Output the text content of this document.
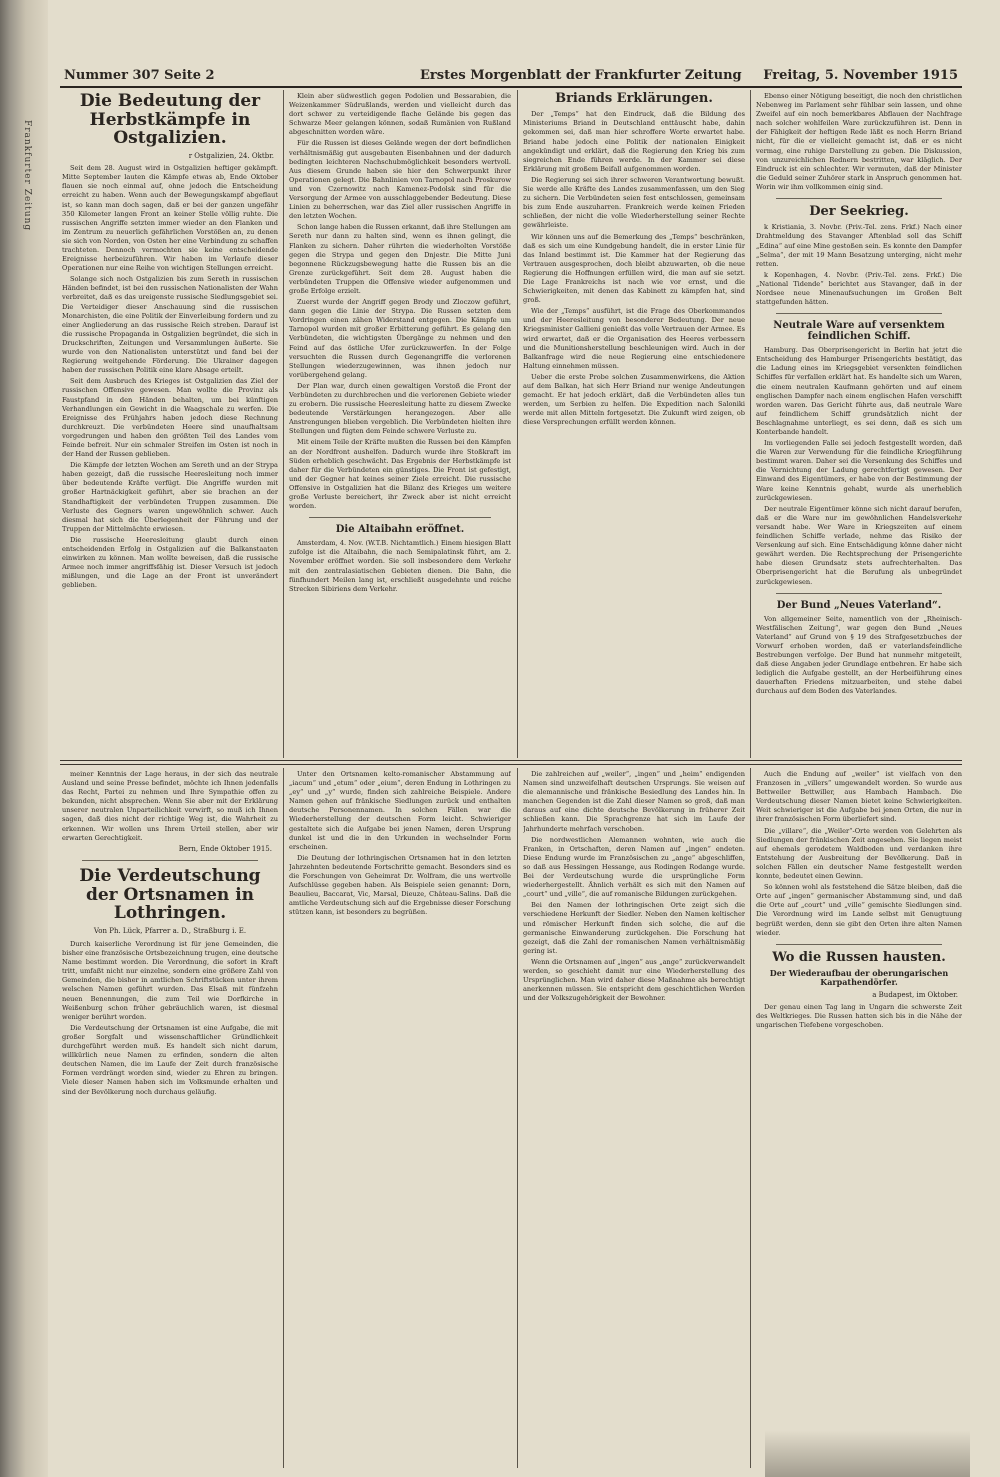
Frankfurter Zeitung
Nummer 307 Seite 2	Erstes Morgenblatt der Frankfurter Zeitung Freitag, 5. November 1915
Die Bedeutung der Herbstkämpfe in Ostgalizien.
r Ostgalizien, 24. Oktbr.

Seit dem 28. August wird in Ostgalizien heftiger gekämpft. Mitte September lauten die Kämpfe etwas ab, Ende Oktober flauen sie noch einmal auf, ohne jedoch die Entscheidung erreicht zu haben. Wenn auch der Bewegungskampf abgeflaut ist, so kann man doch sagen, daß er bei der ganzen ungefähr 350 Kilometer langen Front an keiner Stelle völlig ruhte. Die russischen Angriffe setzten immer wieder an den Flanken und im Zentrum zu neuerlich gefährlichen Vorstößen an, zu denen sie sich von Norden, von Osten her eine Verbindung zu schaffen trachteten. Dennoch vermochten sie keine entscheidende Ereignisse herbeizuführen. Wir haben im Verlaufe dieser Operationen nur eine Reihe von wichtigen Stellungen erreicht.

Solange sich noch Ostgalizien bis zum Sereth in russischen Händen befindet, ist bei den russischen Nationalisten der Wahn verbreitet, daß es das ureigenste russische Siedlungsgebiet sei. Die Verteidiger dieser Anschauung sind die russischen Monarchisten, die eine Politik der Einverleibung fordern und zu einer Angliederung an das russische Reich streben. Darauf ist die russische Propaganda in Ostgalizien begründet, die sich in Druckschriften, Zeitungen und Versammlungen äußerte. Sie wurde von den Nationalisten unterstützt und fand bei der Regierung weitgehende Förderung. Die Ukrainer dagegen haben der russischen Politik eine klare Absage erteilt.

Seit dem Ausbruch des Krieges ist Ostgalizien das Ziel der russischen Offensive gewesen. Man wollte die Provinz als Faustpfand in den Händen behalten, um bei künftigen Verhandlungen ein Gewicht in die Waagschale zu werfen. Die Ereignisse des Frühjahrs haben jedoch diese Rechnung durchkreuzt. Die verbündeten Heere sind unaufhaltsam vorgedrungen und haben den größten Teil des Landes vom Feinde befreit. Nur ein schmaler Streifen im Osten ist noch in der Hand der Russen geblieben.

Die Kämpfe der letzten Wochen am Sereth und an der Strypa haben gezeigt, daß die russische Heeresleitung noch immer über bedeutende Kräfte verfügt. Die Angriffe wurden mit großer Hartnäckigkeit geführt, aber sie brachen an der Standhaftigkeit der verbündeten Truppen zusammen. Die Verluste des Gegners waren ungewöhnlich schwer. Auch diesmal hat sich die Überlegenheit der Führung und der Truppen der Mittelmächte erwiesen.

Die russische Heeresleitung glaubt durch einen entscheidenden Erfolg in Ostgalizien auf die Balkanstaaten einwirken zu können. Man wollte beweisen, daß die russische Armee noch immer angriffsfähig ist. Dieser Versuch ist jedoch mißlungen, und die Lage an der Front ist unverändert geblieben.

Klein aber südwestlich gegen Podolien und Bessarabien, die Weizenkammer Südrußlands, werden und vielleicht durch das dort schwer zu verteidigende flache Gelände bis gegen das Schwarze Meer gelangen können, sodaß Rumänien von Rußland abgeschnitten worden wäre.

Für die Russen ist dieses Gelände wegen der dort befindlichen verhältnismäßig gut ausgebauten Eisenbahnen und der dadurch bedingten leichteren Nachschubmöglichkeit besonders wertvoll. Aus diesem Grunde haben sie hier den Schwerpunkt ihrer Operationen gelegt. Die Bahnlinien von Tarnopol nach Proskurow und von Czernowitz nach Kamenez-Podolsk sind für die Versorgung der Armee von ausschlaggebender Bedeutung. Diese Linien zu beherrschen, war das Ziel aller russischen Angriffe in den letzten Wochen.

Schon lange haben die Russen erkannt, daß ihre Stellungen am Sereth nur dann zu halten sind, wenn es ihnen gelingt, die Flanken zu sichern. Daher rührten die wiederholten Vorstöße gegen die Strypa und gegen den Dnjestr. Die Mitte Juni begonnene Rückzugsbewegung hatte die Russen bis an die Grenze zurückgeführt. Seit dem 28. August haben die verbündeten Truppen die Offensive wieder aufgenommen und große Erfolge erzielt.

Zuerst wurde der Angriff gegen Brody und Zloczow geführt, dann gegen die Linie der Strypa. Die Russen setzten dem Vordringen einen zähen Widerstand entgegen. Die Kämpfe um Tarnopol wurden mit großer Erbitterung geführt. Es gelang den Verbündeten, die wichtigsten Übergänge zu nehmen und den Feind auf das östliche Ufer zurückzuwerfen. In der Folge versuchten die Russen durch Gegenangriffe die verlorenen Stellungen wiederzugewinnen, was ihnen jedoch nur vorübergehend gelang.

Der Plan war, durch einen gewaltigen Vorstoß die Front der Verbündeten zu durchbrechen und die verlorenen Gebiete wieder zu erobern. Die russische Heeresleitung hatte zu diesem Zwecke bedeutende Verstärkungen herangezogen. Aber alle Anstrengungen blieben vergeblich. Die Verbündeten hielten ihre Stellungen und fügten dem Feinde schwere Verluste zu.

Mit einem Teile der Kräfte mußten die Russen bei den Kämpfen an der Nordfront aushelfen. Dadurch wurde ihre Stoßkraft im Süden erheblich geschwächt. Das Ergebnis der Herbstkämpfe ist daher für die Verbündeten ein günstiges. Die Front ist gefestigt, und der Gegner hat keines seiner Ziele erreicht. Die russische Offensive in Ostgalizien hat die Bilanz des Krieges um weitere große Verluste bereichert, ihr Zweck aber ist nicht erreicht worden.

Die Altaibahn eröffnet.

Amsterdam, 4. Nov. (W.T.B. Nichtamtlich.) Einem hiesigen Blatt zufolge ist die Altaibahn, die nach Semipalatinsk führt, am 2. November eröffnet worden. Sie soll insbesondere dem Verkehr mit den zentralasiatischen Gebieten dienen. Die Bahn, die fünfhundert Meilen lang ist, erschließt ausgedehnte und reiche Strecken Sibiriens dem Verkehr.

Briands Erklärungen.

Der „Temps“ hat den Eindruck, daß die Bildung des Ministeriums Briand in Deutschland enttäuscht habe, dahin gekommen sei, daß man hier schroffere Worte erwartet habe. Briand habe jedoch eine Politik der nationalen Einigkeit angekündigt und erklärt, daß die Regierung den Krieg bis zum siegreichen Ende führen werde. In der Kammer sei diese Erklärung mit großem Beifall aufgenommen worden.

Die Regierung sei sich ihrer schweren Verantwortung bewußt. Sie werde alle Kräfte des Landes zusammenfassen, um den Sieg zu sichern. Die Verbündeten seien fest entschlossen, gemeinsam bis zum Ende auszuharren. Frankreich werde keinen Frieden schließen, der nicht die volle Wiederherstellung seiner Rechte gewährleiste.

Wir können uns auf die Bemerkung des „Temps“ beschränken, daß es sich um eine Kundgebung handelt, die in erster Linie für das Inland bestimmt ist. Die Kammer hat der Regierung das Vertrauen ausgesprochen, doch bleibt abzuwarten, ob die neue Regierung die Hoffnungen erfüllen wird, die man auf sie setzt. Die Lage Frankreichs ist nach wie vor ernst, und die Schwierigkeiten, mit denen das Kabinett zu kämpfen hat, sind groß.

Wie der „Temps“ ausführt, ist die Frage des Oberkommandos und der Heeresleitung von besonderer Bedeutung. Der neue Kriegsminister Gallieni genießt das volle Vertrauen der Armee. Es wird erwartet, daß er die Organisation des Heeres verbessern und die Munitionsherstellung beschleunigen wird. Auch in der Balkanfrage wird die neue Regierung eine entschiedenere Haltung einnehmen müssen.

Ueber die erste Probe solchen Zusammenwirkens, die Aktion auf dem Balkan, hat sich Herr Briand nur wenige Andeutungen gemacht. Er hat jedoch erklärt, daß die Verbündeten alles tun werden, um Serbien zu helfen. Die Expedition nach Saloniki werde mit allen Mitteln fortgesetzt. Die Zukunft wird zeigen, ob diese Versprechungen erfüllt werden können.

Ebenso einer Nötigung beseitigt, die noch den christlichen Nebenweg im Parlament sehr fühlbar sein lassen, und ohne Zweifel auf ein noch bemerkbares Abflauen der Nachfrage nach solcher wohlfeilen Ware zurückzuführen ist. Denn in der Fähigkeit der heftigen Rede läßt es noch Herrn Briand nicht, für die er vielleicht gemacht ist, daß er es nicht vermag, eine ruhige Darstellung zu geben. Die Diskussion, von unzureichlichen Rednern bestritten, war kläglich. Der Eindruck ist ein schlechter. Wir vermuten, daß der Minister die Geduld seiner Zuhörer stark in Anspruch genommen hat. Worin wir ihm vollkommen einig sind.

Der Seekrieg.

k Kristiania, 3. Novbr. (Priv.-Tel. zens. Frkf.) Nach einer Drahtmeldung des Stavanger Aftenblad soll das Schiff „Edina“ auf eine Mine gestoßen sein. Es konnte den Dampfer „Selma“, der mit 19 Mann Besatzung unterging, nicht mehr retten.

k Kopenhagen, 4. Novbr. (Priv.-Tel. zens. Frkf.) Die „National Tidende“ berichtet aus Stavanger, daß in der Nordsee neue Minenaufsuchungen im Großen Belt stattgefunden hätten.

Neutrale Ware auf versenktem feindlichen Schiff.

Hamburg. Das Oberprisengericht in Berlin hat jetzt die Entscheidung des Hamburger Prisengerichts bestätigt, das die Ladung eines im Kriegsgebiet versenkten feindlichen Schiffes für verfallen erklärt hat. Es handelte sich um Waren, die einem neutralen Kaufmann gehörten und auf einem englischen Dampfer nach einem englischen Hafen verschifft worden waren. Das Gericht führte aus, daß neutrale Ware auf feindlichem Schiff grundsätzlich nicht der Beschlagnahme unterliegt, es sei denn, daß es sich um Konterbande handelt.

Im vorliegenden Falle sei jedoch festgestellt worden, daß die Waren zur Verwendung für die feindliche Kriegführung bestimmt waren. Daher sei die Versenkung des Schiffes und die Vernichtung der Ladung gerechtfertigt gewesen. Der Einwand des Eigentümers, er habe von der Bestimmung der Ware keine Kenntnis gehabt, wurde als unerheblich zurückgewiesen.

Der neutrale Eigentümer könne sich nicht darauf berufen, daß er die Ware nur im gewöhnlichen Handelsverkehr versandt habe. Wer Ware in Kriegszeiten auf einem feindlichen Schiffe verlade, nehme das Risiko der Versenkung auf sich. Eine Entschädigung könne daher nicht gewährt werden. Die Rechtsprechung der Prisengerichte habe diesen Grundsatz stets aufrechterhalten. Das Oberprisengericht hat die Berufung als unbegründet zurückgewiesen.

Der Bund „Neues Vaterland“.

Von allgemeiner Seite, namentlich von der „Rheinisch-Westfälischen Zeitung“, war gegen den Bund „Neues Vaterland“ auf Grund von § 19 des Strafgesetzbuches der Vorwurf erhoben worden, daß er vaterlandsfeindliche Bestrebungen verfolge. Der Bund hat nunmehr mitgeteilt, daß diese Angaben jeder Grundlage entbehren. Er habe sich lediglich die Aufgabe gestellt, an der Herbeiführung eines dauerhaften Friedens mitzuarbeiten, und stehe dabei durchaus auf dem Boden des Vaterlandes.

meiner Kenntnis der Lage heraus, in der sich das neutrale Ausland und seine Presse befindet, möchte ich Ihnen jedenfalls das Recht, Partei zu nehmen und Ihre Sympathie offen zu bekunden, nicht absprechen. Wenn Sie aber mit der Erklärung unserer neutralen Unparteilichkeit verwirft, so muß ich Ihnen sagen, daß dies nicht der richtige Weg ist, die Wahrheit zu erkennen. Wir wollen uns Ihrem Urteil stellen, aber wir erwarten Gerechtigkeit.

Bern, Ende Oktober 1915.
Die Verdeutschung der Ortsnamen in Lothringen.
Von Ph. Lück, Pfarrer a. D., Straßburg i. E.

Durch kaiserliche Verordnung ist für jene Gemeinden, die bisher eine französische Ortsbezeichnung trugen, eine deutsche Name bestimmt worden. Die Verordnung, die sofort in Kraft tritt, umfaßt nicht nur einzelne, sondern eine größere Zahl von Gemeinden, die bisher in amtlichen Schriftstücken unter ihrem welschen Namen geführt wurden. Das Elsaß mit fünfzehn neuen Benennungen, die zum Teil wie Dorfkirche in Weißenburg schon früher gebräuchlich waren, ist diesmal weniger berührt worden.

Die Verdeutschung der Ortsnamen ist eine Aufgabe, die mit großer Sorgfalt und wissenschaftlicher Gründlichkeit durchgeführt werden muß. Es handelt sich nicht darum, willkürlich neue Namen zu erfinden, sondern die alten deutschen Namen, die im Laufe der Zeit durch französische Formen verdrängt worden sind, wieder zu Ehren zu bringen. Viele dieser Namen haben sich im Volksmunde erhalten und sind der Bevölkerung noch durchaus geläufig.

Unter den Ortsnamen kelto-romanischer Abstammung auf „iacum“ und „etum“ oder „eium“, deren Endung in Lothringen zu „ey“ und „y“ wurde, finden sich zahlreiche Beispiele. Andere Namen gehen auf fränkische Siedlungen zurück und enthalten deutsche Personennamen. In solchen Fällen war die Wiederherstellung der deutschen Form leicht. Schwieriger gestaltete sich die Aufgabe bei jenen Namen, deren Ursprung dunkel ist und die in den Urkunden in wechselnder Form erscheinen.

Die Deutung der lothringischen Ortsnamen hat in den letzten Jahrzehnten bedeutende Fortschritte gemacht. Besonders sind es die Forschungen von Geheimrat Dr. Wolfram, die uns wertvolle Aufschlüsse gegeben haben. Als Beispiele seien genannt: Dorn, Beaulieu, Baccarat, Vic, Marsal, Dieuze, Château-Salins. Daß die amtliche Verdeutschung sich auf die Ergebnisse dieser Forschung stützen kann, ist besonders zu begrüßen.

Die zahlreichen auf „weiler“, „ingen“ und „heim“ endigenden Namen sind unzweifelhaft deutschen Ursprungs. Sie weisen auf die alemannische und fränkische Besiedlung des Landes hin. In manchen Gegenden ist die Zahl dieser Namen so groß, daß man daraus auf eine dichte deutsche Bevölkerung in früherer Zeit schließen kann. Die Sprachgrenze hat sich im Laufe der Jahrhunderte mehrfach verschoben.

Die nordwestlichen Alemannen wohnten, wie auch die Franken, in Ortschaften, deren Namen auf „ingen“ endeten. Diese Endung wurde im Französischen zu „ange“ abgeschliffen, so daß aus Hessingen Hessange, aus Rodingen Rodange wurde. Bei der Verdeutschung wurde die ursprüngliche Form wiederhergestellt. Ähnlich verhält es sich mit den Namen auf „court“ und „ville“, die auf romanische Bildungen zurückgehen.

Bei den Namen der lothringischen Orte zeigt sich die verschiedene Herkunft der Siedler. Neben den Namen keltischer und römischer Herkunft finden sich solche, die auf die germanische Einwanderung zurückgehen. Die Forschung hat gezeigt, daß die Zahl der romanischen Namen verhältnismäßig gering ist.

Wenn die Ortsnamen auf „ingen“ aus „ange“ zurückverwandelt werden, so geschieht damit nur eine Wiederherstellung des Ursprünglichen. Man wird daher diese Maßnahme als berechtigt anerkennen müssen. Sie entspricht dem geschichtlichen Werden und der Volkszugehörigkeit der Bewohner.

Auch die Endung auf „weiler“ ist vielfach von den Franzosen in „villers“ umgewandelt worden. So wurde aus Bettweiler Bettwiller, aus Hambach Hambach. Die Verdeutschung dieser Namen bietet keine Schwierigkeiten. Weit schwieriger ist die Aufgabe bei jenen Orten, die nur in ihrer französischen Form überliefert sind.

Die „villare“, die „Weiler“-Orte werden von Gelehrten als Siedlungen der fränkischen Zeit angesehen. Sie liegen meist auf ehemals gerodetem Waldboden und verdanken ihre Entstehung der Ausbreitung der Bevölkerung. Daß in solchen Fällen ein deutscher Name festgestellt werden konnte, bedeutet einen Gewinn.

So können wohl als feststehend die Sätze bleiben, daß die Orte auf „ingen“ germanischer Abstammung sind, und daß die Orte auf „court“ und „ville“ gemischte Siedlungen sind. Die Verordnung wird im Lande selbst mit Genugtuung begrüßt werden, denn sie gibt den Orten ihre alten Namen wieder.

Wo die Russen hausten.
Der Wiederaufbau der oberungarischen Karpathendörfer.
a Budapest, im Oktober.

Der genau einen Tag lang in Ungarn die schwerste Zeit des Weltkrieges. Die Russen hatten sich bis in die Nähe der ungarischen Tiefebene vorgeschoben.
